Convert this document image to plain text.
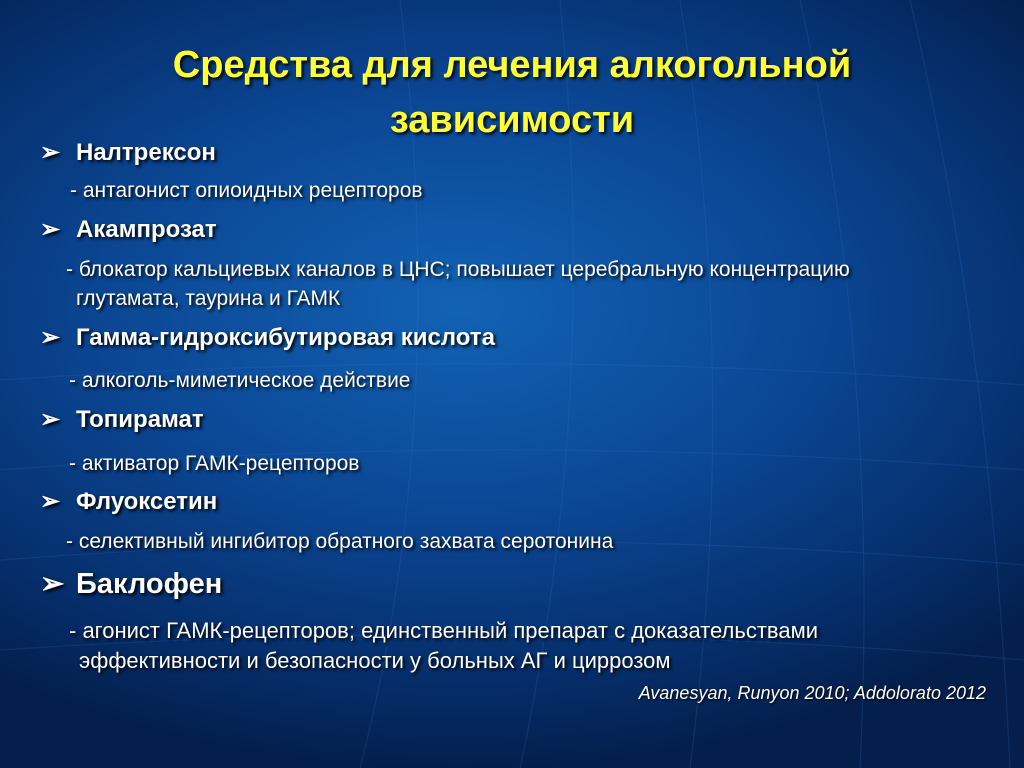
Средства для лечения алкогольной
зависимости
➢ Налтрексон
- антагонист опиоидных рецепторов
➢ Акампрозат
- блокатор кальциевых каналов в ЦНС; повышает церебральную концентрацию глутамата, таурина и ГАМК
➢ Гамма-гидроксибутировая кислота
- алкоголь-миметическое действие
➢ Топирамат
- активатор ГАМК-рецепторов
➢ Флуоксетин
- селективный ингибитор обратного захвата серотонина
➢ Баклофен
- агонист ГАМК-рецепторов; единственный препарат с доказательствами эффективности и безопасности у больных АГ и циррозом
Avanesyan, Runyon 2010; Addolorato 2012
